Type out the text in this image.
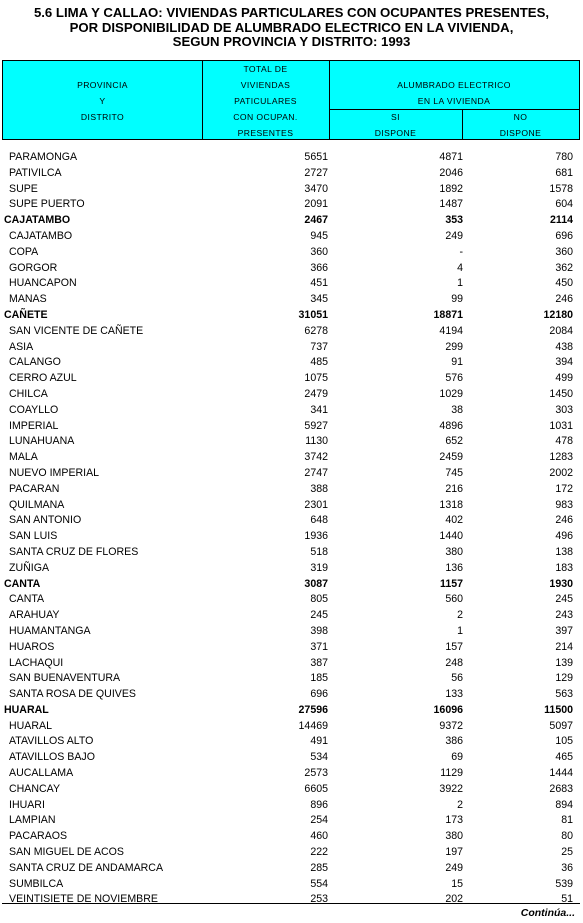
5.6 LIMA Y CALLAO: VIVIENDAS PARTICULARES CON OCUPANTES PRESENTES,
POR DISPONIBILIDAD DE ALUMBRADO ELECTRICO EN LA VIVIENDA,
SEGUN PROVINCIA Y DISTRITO: 1993
PROVINCIA
Y
DISTRITO
TOTAL DE
VIVIENDAS
PATICULARES
CON OCUPAN.
PRESENTES
ALUMBRADO ELECTRICO
EN LA VIVIENDA
SI
DISPONE
NO
DISPONE
PARAMONGA	5651	4871	780
PATIVILCA	2727	2046	681
SUPE	3470	1892	1578
SUPE PUERTO	2091	1487	604
CAJATAMBO	2467	353	2114
CAJATAMBO	945	249	696
COPA	360	-	360
GORGOR	366	4	362
HUANCAPON	451	1	450
MANAS	345	99	246
CAÑETE	31051	18871	12180
SAN VICENTE DE CAÑETE	6278	4194	2084
ASIA	737	299	438
CALANGO	485	91	394
CERRO AZUL	1075	576	499
CHILCA	2479	1029	1450
COAYLLO	341	38	303
IMPERIAL	5927	4896	1031
LUNAHUANA	1130	652	478
MALA	3742	2459	1283
NUEVO IMPERIAL	2747	745	2002
PACARAN	388	216	172
QUILMANA	2301	1318	983
SAN ANTONIO	648	402	246
SAN LUIS	1936	1440	496
SANTA CRUZ DE FLORES	518	380	138
ZUÑIGA	319	136	183
CANTA	3087	1157	1930
CANTA	805	560	245
ARAHUAY	245	2	243
HUAMANTANGA	398	1	397
HUAROS	371	157	214
LACHAQUI	387	248	139
SAN BUENAVENTURA	185	56	129
SANTA ROSA DE QUIVES	696	133	563
HUARAL	27596	16096	11500
HUARAL	14469	9372	5097
ATAVILLOS ALTO	491	386	105
ATAVILLOS BAJO	534	69	465
AUCALLAMA	2573	1129	1444
CHANCAY	6605	3922	2683
IHUARI	896	2	894
LAMPIAN	254	173	81
PACARAOS	460	380	80
SAN MIGUEL DE ACOS	222	197	25
SANTA CRUZ DE ANDAMARCA	285	249	36
SUMBILCA	554	15	539
VEINTISIETE DE NOVIEMBRE	253	202	51
Continúa...
